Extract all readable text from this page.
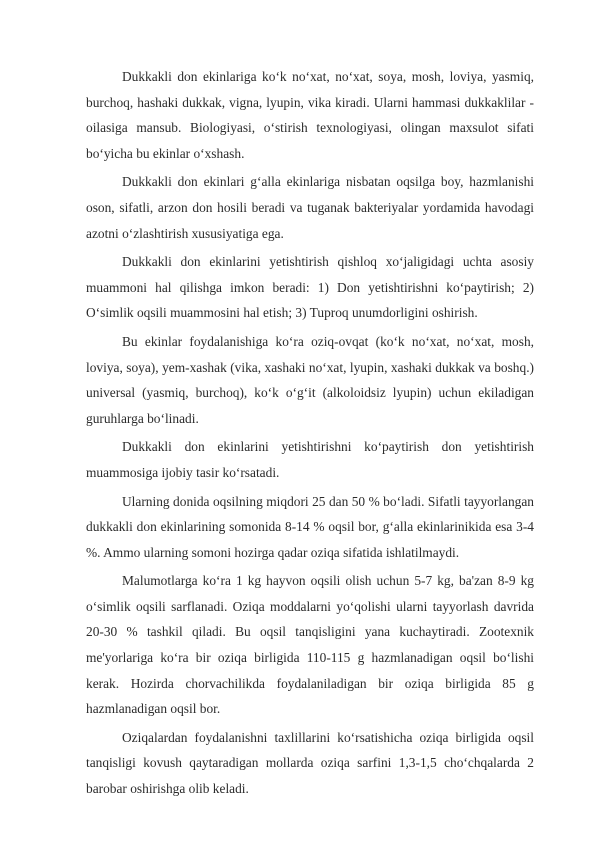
Dukkakli don ekinlariga ko‘k no‘xat, no‘xat, soya, mosh, loviya, yasmiq, burchoq, hashaki dukkak, vigna, lyupin, vika kiradi. Ularni hammasi dukkaklilar - oilasiga mansub. Biologiyasi, o‘stirish texnologiyasi, olingan maxsulot sifati bo‘yicha bu ekinlar o‘xshash.

Dukkakli don ekinlari g‘alla ekinlariga nisbatan oqsilga boy, hazmlanishi oson, sifatli, arzon don hosili beradi va tuganak bakteriyalar yordamida havodagi azotni o‘zlashtirish xususiyatiga ega.

Dukkakli don ekinlarini yetishtirish qishloq xo‘jaligidagi uchta asosiy muammoni hal qilishga imkon beradi: 1) Don yetishtirishni ko‘paytirish; 2) O‘simlik oqsili muammosini hal etish; 3) Tuproq unumdorligini oshirish.

Bu ekinlar foydalanishiga ko‘ra oziq-ovqat (ko‘k no‘xat, no‘xat, mosh, loviya, soya), yem-xashak (vika, xashaki no‘xat, lyupin, xashaki dukkak va boshq.) universal (yasmiq, burchoq), ko‘k o‘g‘it (alkoloidsiz lyupin) uchun ekiladigan guruhlarga bo‘linadi.

Dukkakli don ekinlarini yetishtirishni ko‘paytirish don yetishtirish muammosiga ijobiy tasir ko‘rsatadi.

Ularning donida oqsilning miqdori 25 dan 50 % bo‘ladi. Sifatli tayyorlangan dukkakli don ekinlarining somonida 8-14 % oqsil bor, g‘alla ekinlarinikida esa 3-4 %. Ammo ularning somoni hozirga qadar oziqa sifatida ishlatilmaydi.

Malumotlarga ko‘ra 1 kg hayvon oqsili olish uchun 5-7 kg, ba'zan 8-9 kg o‘simlik oqsili sarflanadi. Oziqa moddalarni yo‘qolishi ularni tayyorlash davrida 20-30 % tashkil qiladi. Bu oqsil tanqisligini yana kuchaytiradi. Zootexnik me'yorlariga ko‘ra bir oziqa birligida 110-115 g hazmlanadigan oqsil bo‘lishi kerak. Hozirda chorvachilikda foydalaniladigan bir oziqa birligida 85 g hazmlanadigan oqsil bor.

Oziqalardan foydalanishni taxlillarini ko‘rsatishicha oziqa birligida oqsil tanqisligi kovush qaytaradigan mollarda oziqa sarfini 1,3-1,5 cho‘chqalarda 2 barobar oshirishga olib keladi.
